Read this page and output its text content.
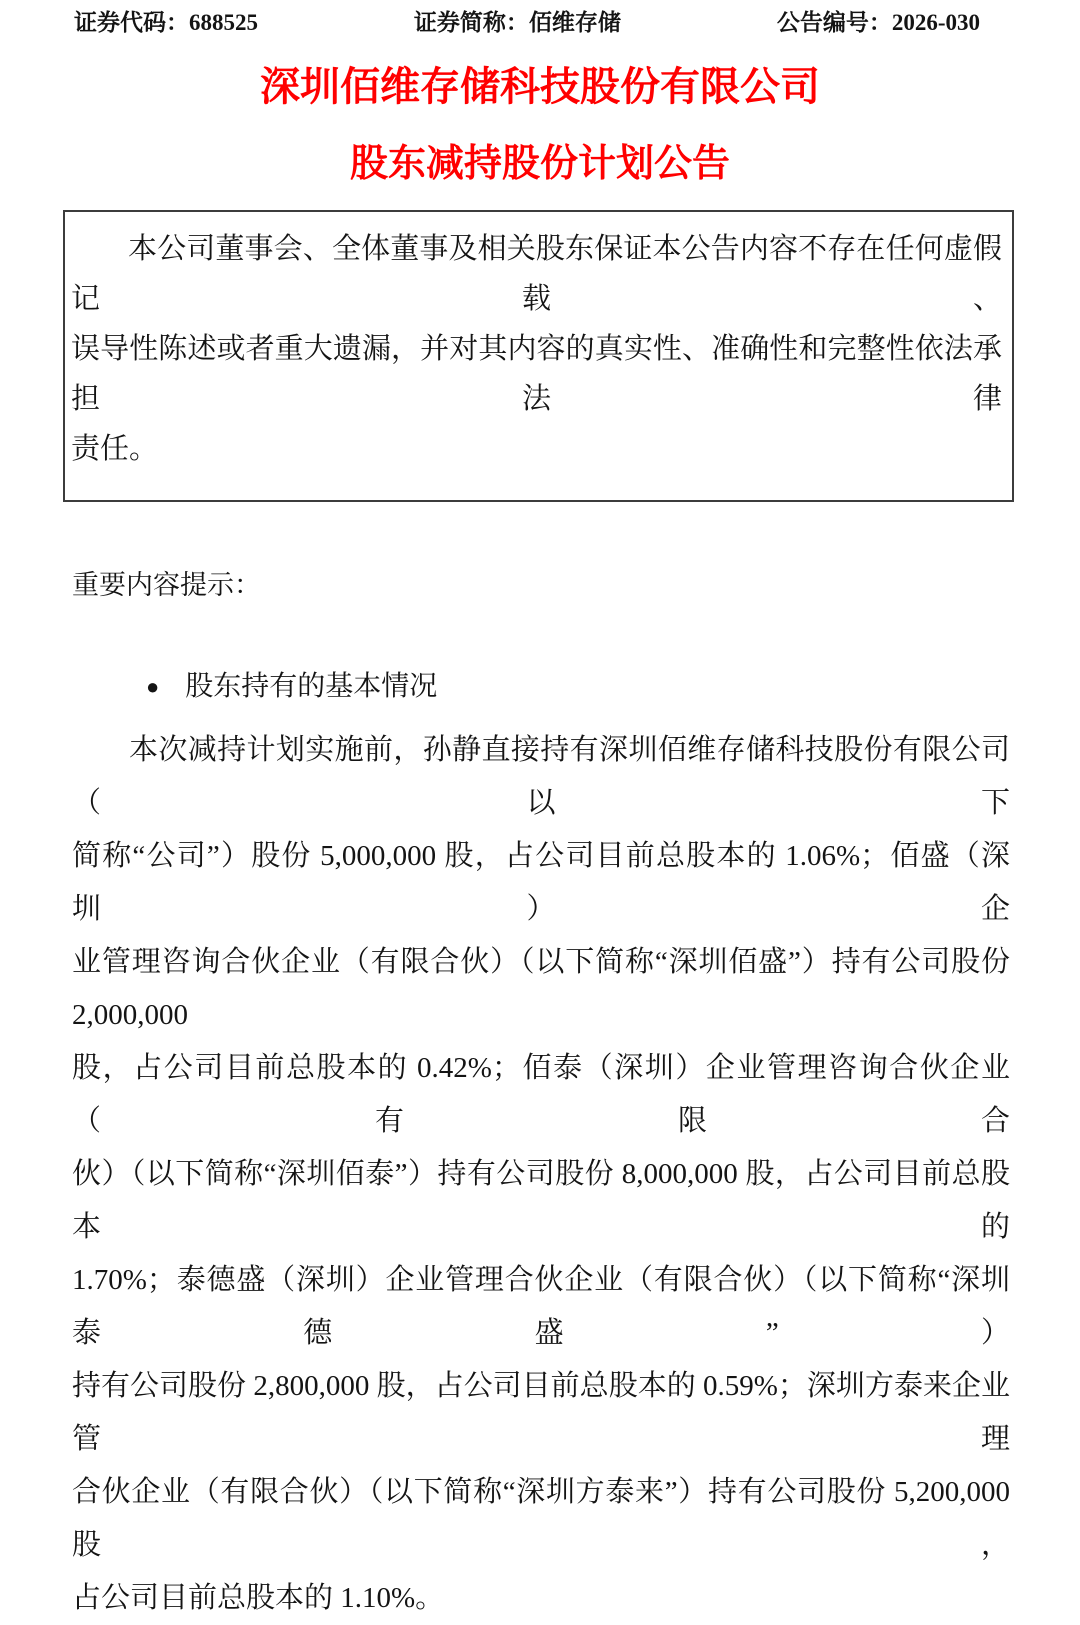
证券代码：688525	证券简称：佰维存储	公告编号：2026-030
深圳佰维存储科技股份有限公司
股东减持股份计划公告
本公司董事会、全体董事及相关股东保证本公告内容不存在任何虚假记载、
误导性陈述或者重大遗漏，并对其内容的真实性、准确性和完整性依法承担法律
责任。
重要内容提示：
● 股东持有的基本情况
本次减持计划实施前，孙静直接持有深圳佰维存储科技股份有限公司（以下
简称“公司”）股份 5,000,000 股，占公司目前总股本的 1.06%；佰盛（深圳）企
业管理咨询合伙企业（有限合伙）（以下简称“深圳佰盛”）持有公司股份 2,000,000
股，占公司目前总股本的 0.42%；佰泰（深圳）企业管理咨询合伙企业（有限合
伙）（以下简称“深圳佰泰”）持有公司股份 8,000,000 股，占公司目前总股本的
1.70%；泰德盛（深圳）企业管理合伙企业（有限合伙）（以下简称“深圳泰德盛”）
持有公司股份 2,800,000 股，占公司目前总股本的 0.59%；深圳方泰来企业管理
合伙企业（有限合伙）（以下简称“深圳方泰来”）持有公司股份 5,200,000 股，
占公司目前总股本的 1.10%。
